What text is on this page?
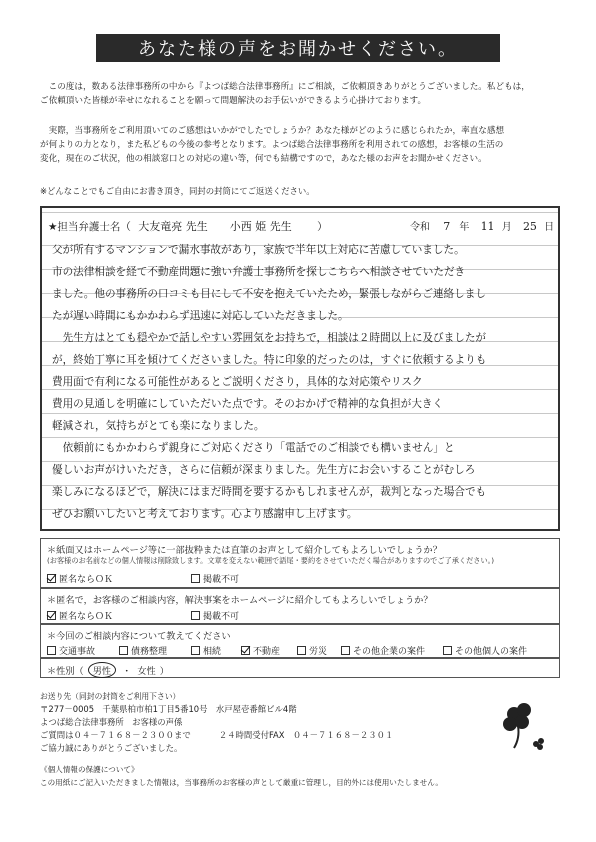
あなた様の声をお聞かせください。
　この度は，数ある法律事務所の中から『よつば総合法律事務所』にご相談，ご依頼頂きありがとうございました。私どもは，
ご依頼頂いた皆様が幸せになれることを願って問題解決のお手伝いができるよう心掛けております。
　実際，当事務所をご利用頂いてのご感想はいかがでしたでしょうか？あなた様がどのように感じられたか，率直な感想
が何よりの力となり，また私どもの今後の参考となります。よつば総合法律事務所を利用されての感想，お客様の生活の
変化，現在のご状況，他の相談窓口との対応の違い等，何でも結構ですので，あなた様のお声をお聞かせください。
※どんなことでもご自由にお書き頂き，同封の封筒にてご返送ください。
★担当弁護士名（ 大友竜亮 先生　　小西 姫 先生 ）	令和 7 年 11 月 25 日
父が所有するマンションで漏水事故があり，家族で半年以上対応に苦慮していました。
市の法律相談を経て不動産問題に強い弁護士事務所を探しこちらへ相談させていただき
ました。他の事務所の口コミも目にして不安を抱えていたため，緊張しながらご連絡しまし
たが遅い時間にもかかわらず迅速に対応していただきました。
　先生方はとても穏やかで話しやすい雰囲気をお持ちで，相談は２時間以上に及びましたが
が，終始丁寧に耳を傾けてくださいました。特に印象的だったのは，すぐに依頼するよりも
費用面で有利になる可能性があるとご説明くださり，具体的な対応策やリスク
費用の見通しを明確にしていただいた点です。そのおかげで精神的な負担が大きく
軽減され，気持ちがとても楽になりました。
　依頼前にもかかわらず親身にご対応くださり「電話でのご相談でも構いません」と
優しいお声がけいただき，さらに信頼が深まりました。先生方にお会いすることがむしろ
楽しみになるほどで，解決にはまだ時間を要するかもしれませんが，裁判となった場合でも
ぜひお願いしたいと考えております。心より感謝申し上げます。
＊紙面又はホームページ等に一部抜粋または直筆のお声として紹介してもよろしいでしょうか？
(お客様のお名前などの個人情報は削除致します。文章を変えない範囲で語尾・要約をさせていただく場合がありますのでご了承ください。)
匿名ならＯＫ	掲載不可
＊匿名で，お客様のご相談内容，解決事案をホームページに紹介してもよろしいでしょうか？
匿名ならＯＫ	掲載不可
＊今回のご相談内容について教えてください
交通事故	債務整理	相続	不動産	労災	その他企業の案件	その他個人の案件
＊性別（ 男性	・ 女性 ）
お送り先（同封の封筒をご利用下さい）
〒277－0005　千葉県柏市柏1丁目5番10号　水戸屋壱番館ビル4階
よつば総合法律事務所　お客様の声係
ご質問は０４－７１６８－２３００まで	２４時間受付FAX　０４－７１６８－２３０１
ご協力誠にありがとうございました。
《個人情報の保護について》
この用紙にご記入いただきました情報は，当事務所のお客様の声として厳重に管理し，目的外には使用いたしません。
